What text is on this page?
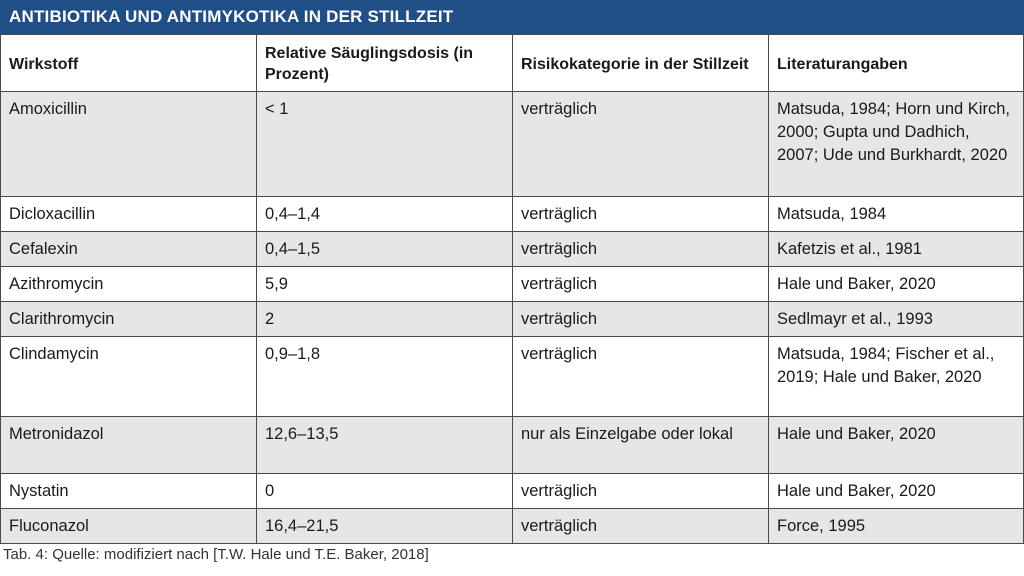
ANTIBIOTIKA UND ANTIMYKOTIKA IN DER STILLZEIT
Wirkstoff	Relative Säuglingsdosis (in Prozent)	Risikokategorie in der Stillzeit	Literaturangaben
Amoxicillin	< 1	verträglich	Matsuda, 1984; Horn und Kirch, 2000; Gupta und Dadhich, 2007; Ude und Burkhardt, 2020
Dicloxacillin	0,4–1,4	verträglich	Matsuda, 1984
Cefalexin	0,4–1,5	verträglich	Kafetzis et al., 1981
Azithromycin	5,9	verträglich	Hale und Baker, 2020
Clarithromycin	2	verträglich	Sedlmayr et al., 1993
Clindamycin	0,9–1,8	verträglich	Matsuda, 1984; Fischer et al., 2019; Hale und Baker, 2020
Metronidazol	12,6–13,5	nur als Einzelgabe oder lokal	Hale und Baker, 2020
Nystatin	0	verträglich	Hale und Baker, 2020
Fluconazol	16,4–21,5	verträglich	Force, 1995
Tab. 4: Quelle: modifiziert nach [T.W. Hale und T.E. Baker, 2018]
